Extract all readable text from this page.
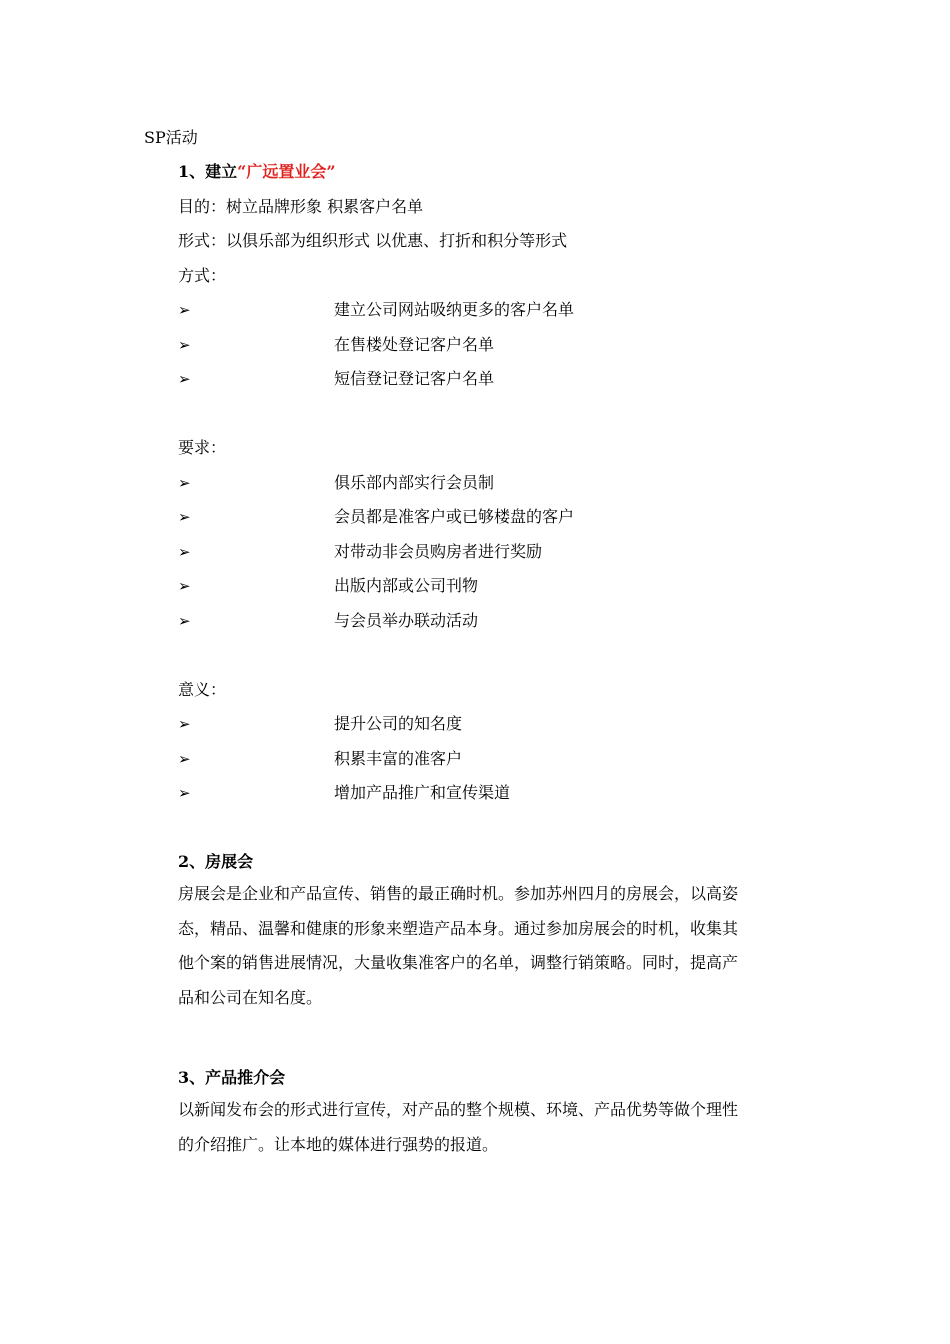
SP活动
1、建立“广远置业会”
目的：树立品牌形象 积累客户名单
形式：以俱乐部为组织形式 以优惠、打折和积分等形式
方式：
➢	建立公司网站吸纳更多的客户名单
➢	在售楼处登记客户名单
➢	短信登记登记客户名单
要求：
➢	俱乐部内部实行会员制
➢	会员都是准客户或已够楼盘的客户
➢	对带动非会员购房者进行奖励
➢	出版内部或公司刊物
➢	与会员举办联动活动
意义：
➢	提升公司的知名度
➢	积累丰富的准客户
➢	增加产品推广和宣传渠道
2、房展会
房展会是企业和产品宣传、销售的最正确时机。参加苏州四月的房展会，以高姿
态，精品、温馨和健康的形象来塑造产品本身。通过参加房展会的时机，收集其
他个案的销售进展情况，大量收集准客户的名单，调整行销策略。同时，提高产
品和公司在知名度。
3、产品推介会
以新闻发布会的形式进行宣传，对产品的整个规模、环境、产品优势等做个理性
的介绍推广。让本地的媒体进行强势的报道。
